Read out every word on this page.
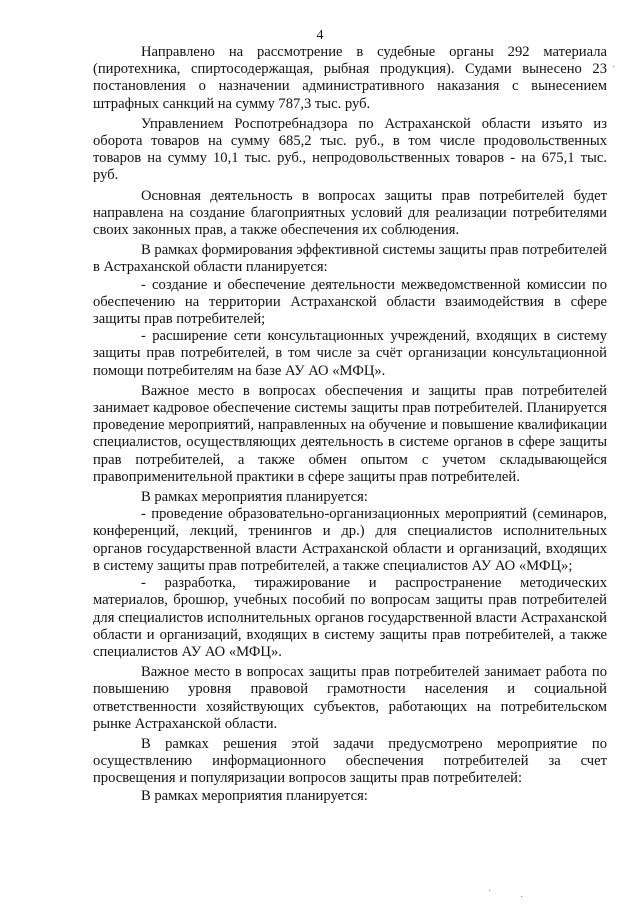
4

Направлено на рассмотрение в судебные органы 292 материала (пиротехника, спиртосодержащая, рыбная продукция). Судами вынесено 23 постановления о назначении административного наказания с вынесением штрафных санкций на сумму 787,3 тыс. руб.

Управлением Роспотребнадзора по Астраханской области изъято из оборота товаров на сумму 685,2 тыс. руб., в том числе продовольственных товаров на сумму 10,1 тыс. руб., непродовольственных товаров - на 675,1 тыс. руб.

Основная деятельность в вопросах защиты прав потребителей будет направлена на создание благоприятных условий для реализации потребителями своих законных прав, а также обеспечения их соблюдения.

В рамках формирования эффективной системы защиты прав потребителей в Астраханской области планируется:

- создание и обеспечение деятельности межведомственной комиссии по обеспечению на территории Астраханской области взаимодействия в сфере защиты прав потребителей;

- расширение сети консультационных учреждений, входящих в систему защиты прав потребителей, в том числе за счёт организации консультационной помощи потребителям на базе АУ АО «МФЦ».

Важное место в вопросах обеспечения и защиты прав потребителей занимает кадровое обеспечение системы защиты прав потребителей. Планируется проведение мероприятий, направленных на обучение и повышение квалификации специалистов, осуществляющих деятельность в системе органов в сфере защиты прав потребителей, а также обмен опытом с учетом складывающейся правоприменительной практики в сфере защиты прав потребителей.

В рамках мероприятия планируется:

- проведение образовательно-организационных мероприятий (семинаров, конференций, лекций, тренингов и др.) для специалистов исполнительных органов государственной власти Астраханской области и организаций, входящих в систему защиты прав потребителей, а также специалистов АУ АО «МФЦ»;

- разработка, тиражирование и распространение методических материалов, брошюр, учебных пособий по вопросам защиты прав потребителей для специалистов исполнительных органов государственной власти Астраханской области и организаций, входящих в систему защиты прав потребителей, а также специалистов АУ АО «МФЦ».

Важное место в вопросах защиты прав потребителей занимает работа по повышению уровня правовой грамотности населения и социальной ответственности хозяйствующих субъектов, работающих на потребительском рынке Астраханской области.

В рамках решения этой задачи предусмотрено мероприятие по осуществлению информационного обеспечения потребителей за счет просвещения и популяризации вопросов защиты прав потребителей:

В рамках мероприятия планируется:

·
·
·
